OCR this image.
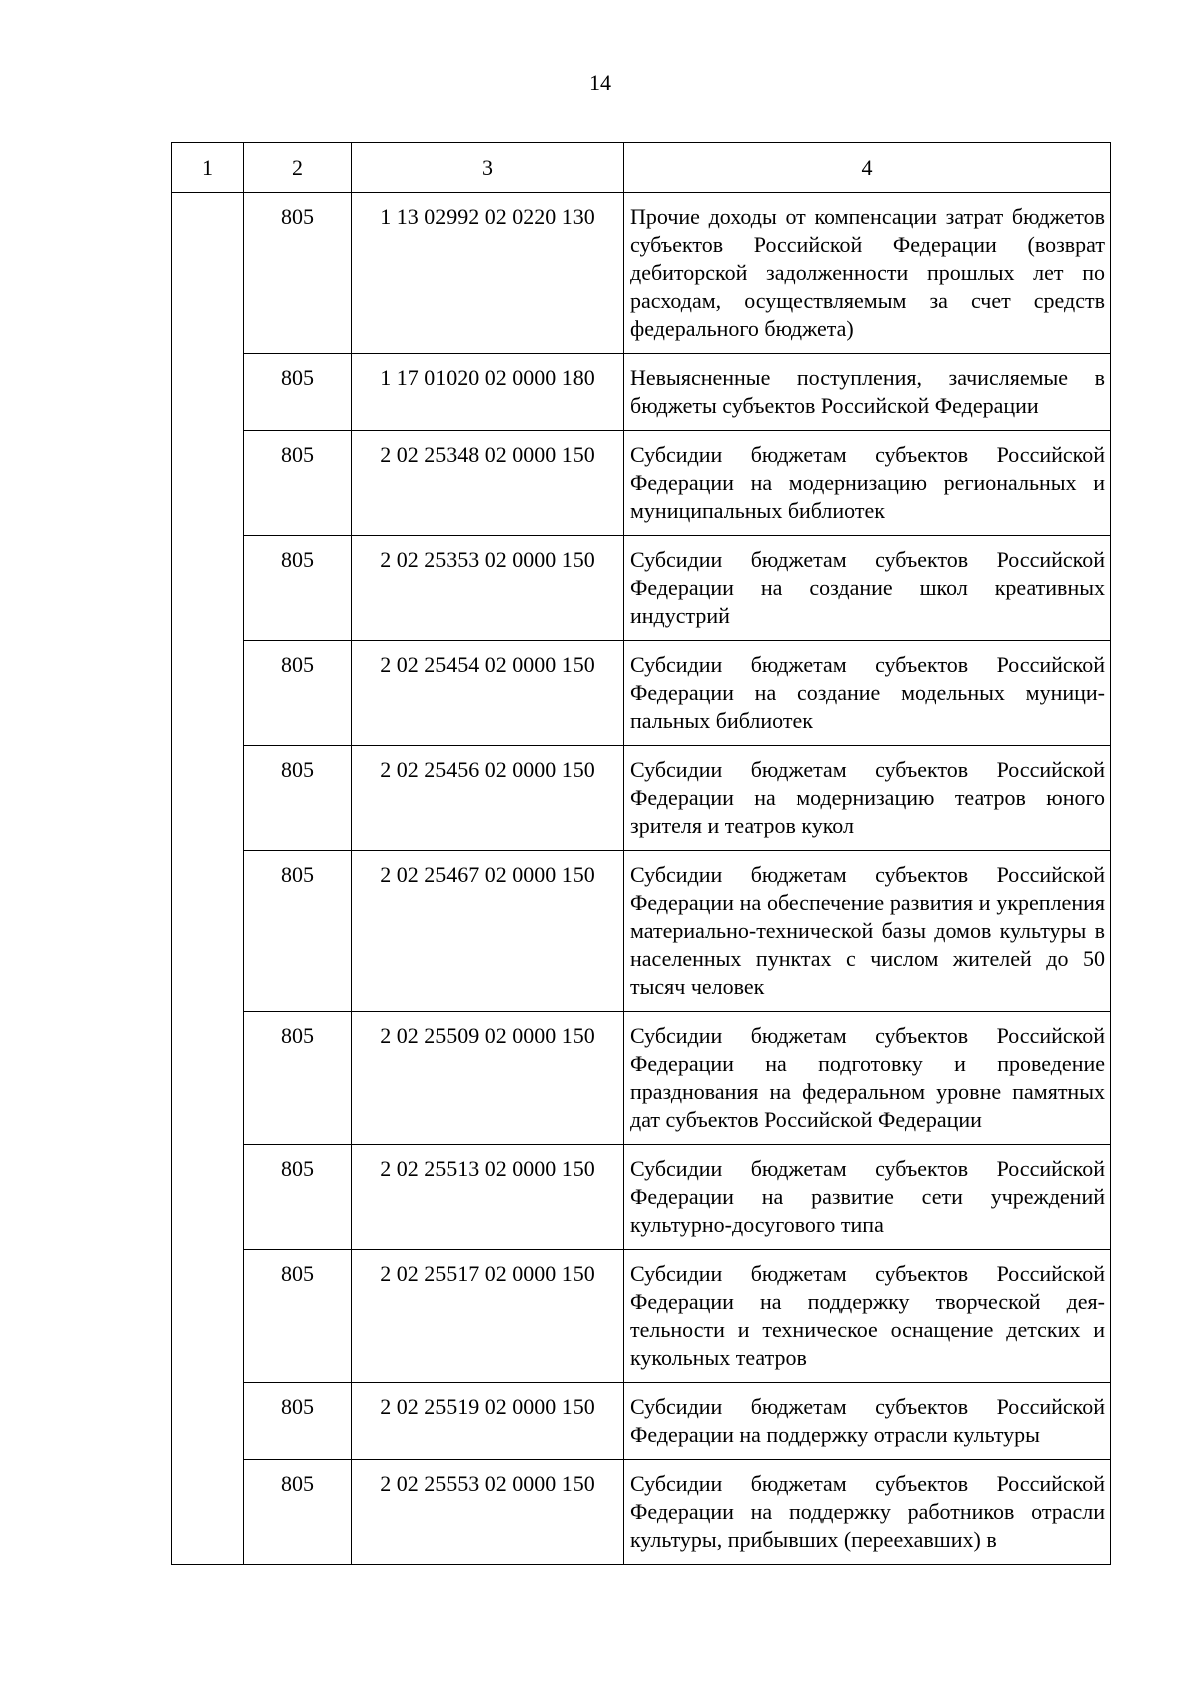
14
1	2	3	4
	805	1 13 02992 02 0220 130	Прочие доходы от компенсации затрат бюджетов субъектов Российской Федерации (возврат дебиторской задолженности прошлых лет по расходам, осуществляемым за счет средств федерального бюджета)
	805	1 17 01020 02 0000 180	Невыясненные поступления, зачисляемые в бюджеты субъектов Российской Федерации
	805	2 02 25348 02 0000 150	Субсидии бюджетам субъектов Российской Федерации на модернизацию региональных и муниципальных библиотек
	805	2 02 25353 02 0000 150	Субсидии бюджетам субъектов Российской Федерации на создание школ креативных индустрий
	805	2 02 25454 02 0000 150	Субсидии бюджетам субъектов Российской Федерации на создание модельных муниципальных библиотек
	805	2 02 25456 02 0000 150	Субсидии бюджетам субъектов Российской Федерации на модернизацию театров юного зрителя и театров кукол
	805	2 02 25467 02 0000 150	Субсидии бюджетам субъектов Российской Федерации на обеспечение развития и укрепления материально-технической базы домов культуры в населенных пунктах с числом жителей до 50 тысяч человек
	805	2 02 25509 02 0000 150	Субсидии бюджетам субъектов Российской Федерации на подготовку и проведение празднования на федеральном уровне памятных дат субъектов Российской Федерации
	805	2 02 25513 02 0000 150	Субсидии бюджетам субъектов Российской Федерации на развитие сети учреждений культурно-досугового типа
	805	2 02 25517 02 0000 150	Субсидии бюджетам субъектов Российской Федерации на поддержку творческой деятельности и техническое оснащение детских и кукольных театров
	805	2 02 25519 02 0000 150	Субсидии бюджетам субъектов Российской Федерации на поддержку отрасли культуры
	805	2 02 25553 02 0000 150	Субсидии бюджетам субъектов Российской Федерации на поддержку работников отрасли культуры, прибывших (переехавших) в
